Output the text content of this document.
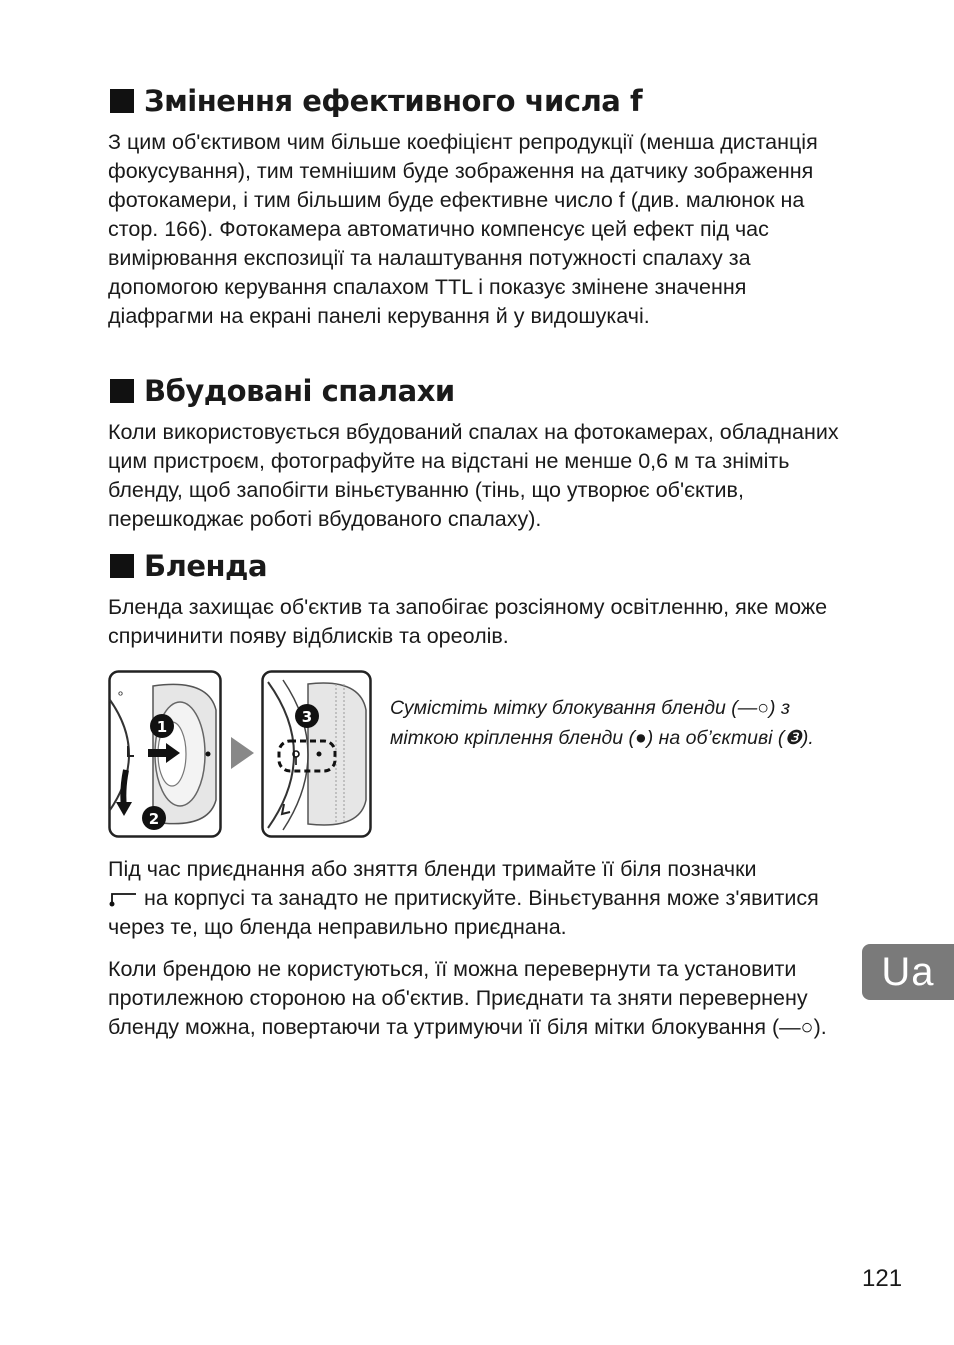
Змінення ефективного числа f

З цим об'єктивом чим більше коефіцієнт репродукції (менша дистанція фокусування), тим темнішим буде зображення на датчику зображення фотокамери, і тим більшим буде ефективне число f (див. малюнок на стор. 166). Фотокамера автоматично компенсує цей ефект під час вимірювання експозиції та налаштування потужності спалаху за допомогою керування спалахом TTL і показує змінене значення діафрагми на екрані панелі керування й у видошукачі.

Вбудовані спалахи

Коли використовується вбудований спалах на фотокамерах, обладнаних цим пристроєм, фотографуйте на відстані не менше 0,6 м та зніміть бленду, щоб запобігти віньєтуванню (тінь, що утворює об'єктив, перешкоджає роботі вбудованого спалаху).

Бленда

Бленда захищає об'єктив та запобігає розсіяному освітленню, яке може спричинити появу відблисків та ореолів.

ᵒ
1
2
3	Сумістіть мітку блокування бленди (—○) з міткою кріплення бленди (●) на об’єктиві (❸).

Під час приєднання або зняття бленди тримайте її біля позначки
на корпусі та занадто не притискуйте. Віньєтування може з'явитися через те, що бленда неправильно приєднана.

Коли брендою не користуються, її можна перевернути та установити протилежною стороною на об'єктив. Приєднати та зняти перевернену бленду можна, повертаючи та утримуючи її біля мітки блокування (—○).

Ua
121
